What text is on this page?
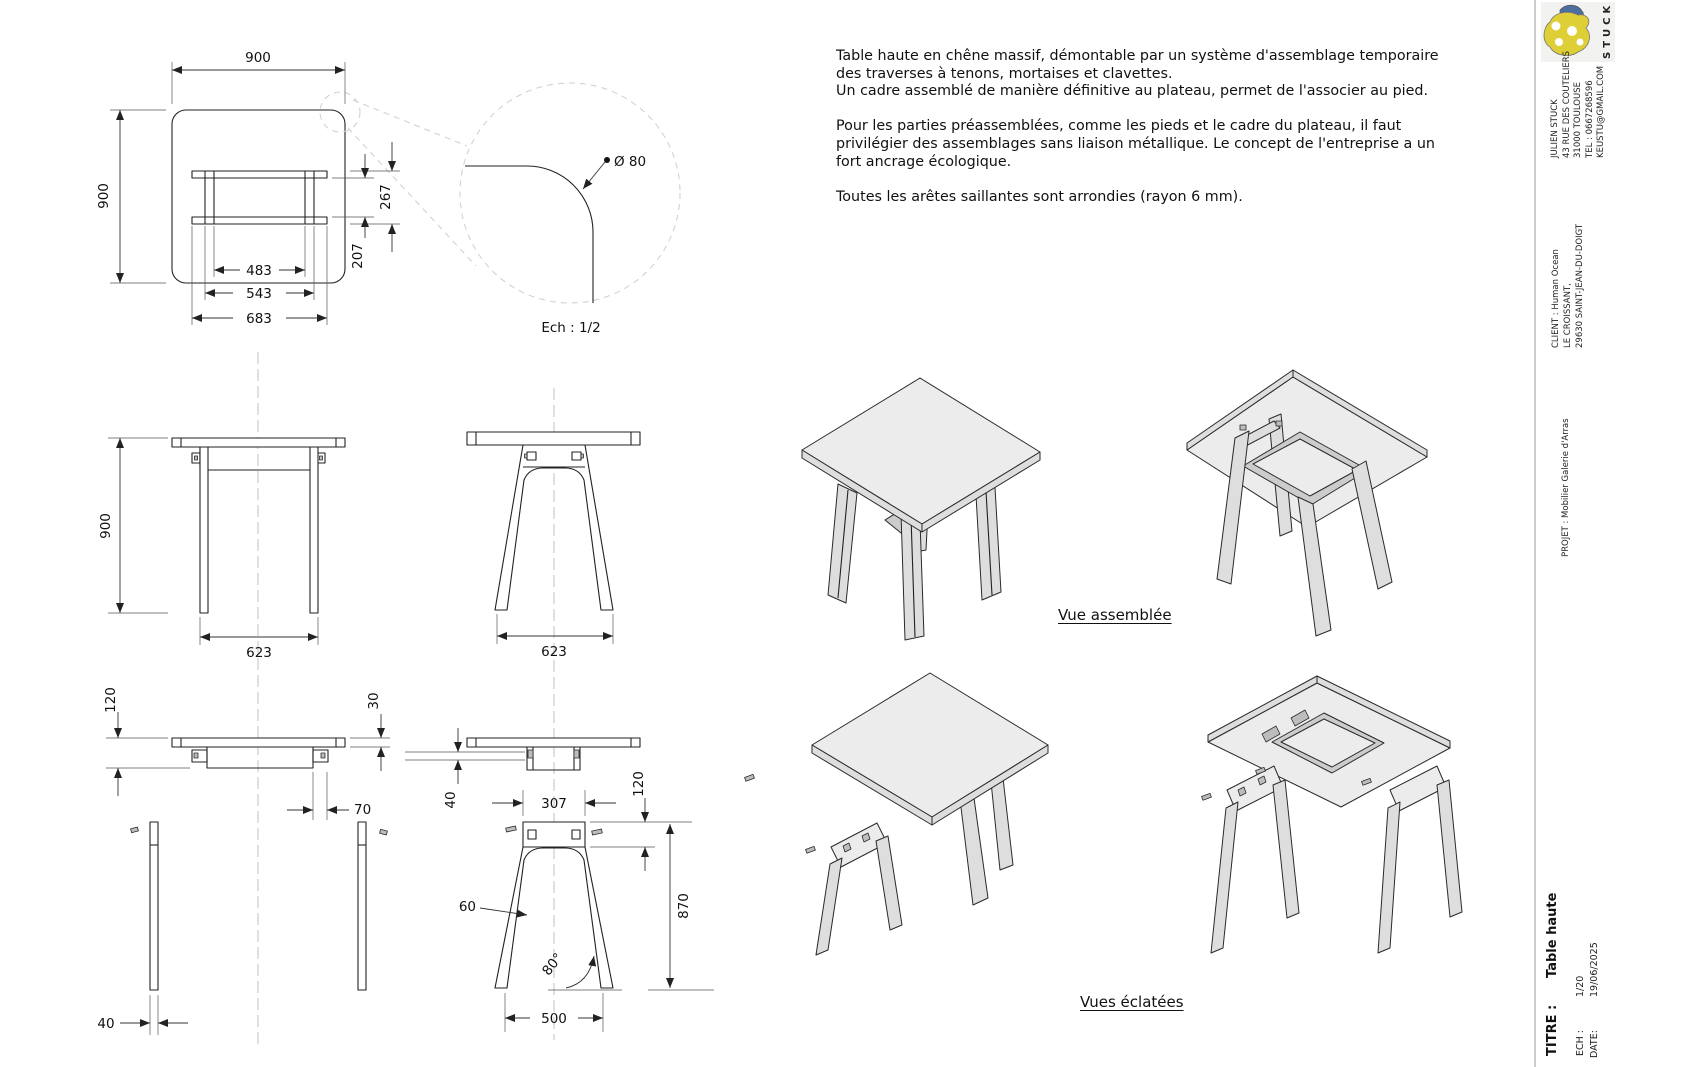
900
900	267
207
483
543
683
Ø 80
Ech : 1/2
900
623	623
120	30
70
40
40	307
120
870
60
80°
500
STUCK
JULIEN STUCK 43 RUE DES COUTELIERS 31000 TOULOUSE TEL : 0667268596 KEUSTU@GMAIL.COM
CLIENT : Human Ocean LE CROISSANT, 29630 SAINT-JEAN-DU-DOIGT
PROJET : Mobilier Galerie d'Arras
TITRE :
Table haute
ECH :
1/20
DATE:
19/06/2025
Table haute en chêne massif, démontable par un système d'assemblage temporaire
des traverses à tenons, mortaises et clavettes.
Un cadre assemblé de manière définitive au plateau, permet de l'associer au pied.
Pour les parties préassemblées, comme les pieds et le cadre du plateau, il faut
privilégier des assemblages sans liaison métallique. Le concept de l'entreprise a un
fort ancrage écologique.
Toutes les arêtes saillantes sont arrondies (rayon 6 mm).
Vue assemblée
Vues éclatées
